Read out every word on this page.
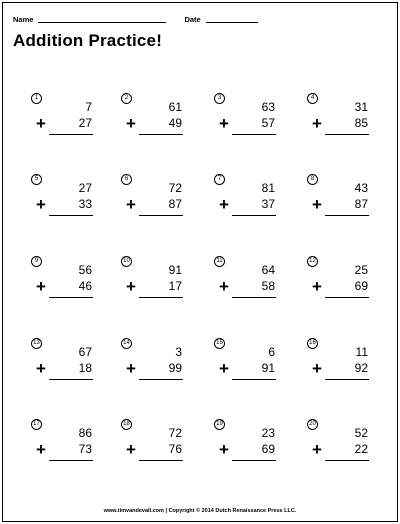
Name	Date
Addition Practice!
1
7
+	27
2
61
+	49
3
63
+	57
4
31
+	85
5
27
+	33
6
72
+	87
7
81
+	37
8
43
+	87
9
56
+	46
10
91
+	17
11
64
+	58
12
25
+	69
13
67
+	18
14
3
+	99
15
6
+	91
16
11
+	92
17
86
+	73
18
72
+	76
19
23
+	69
20
52
+	22
www.timvandevall.com | Copyright © 2014 Dutch Renaissance Press LLC.
